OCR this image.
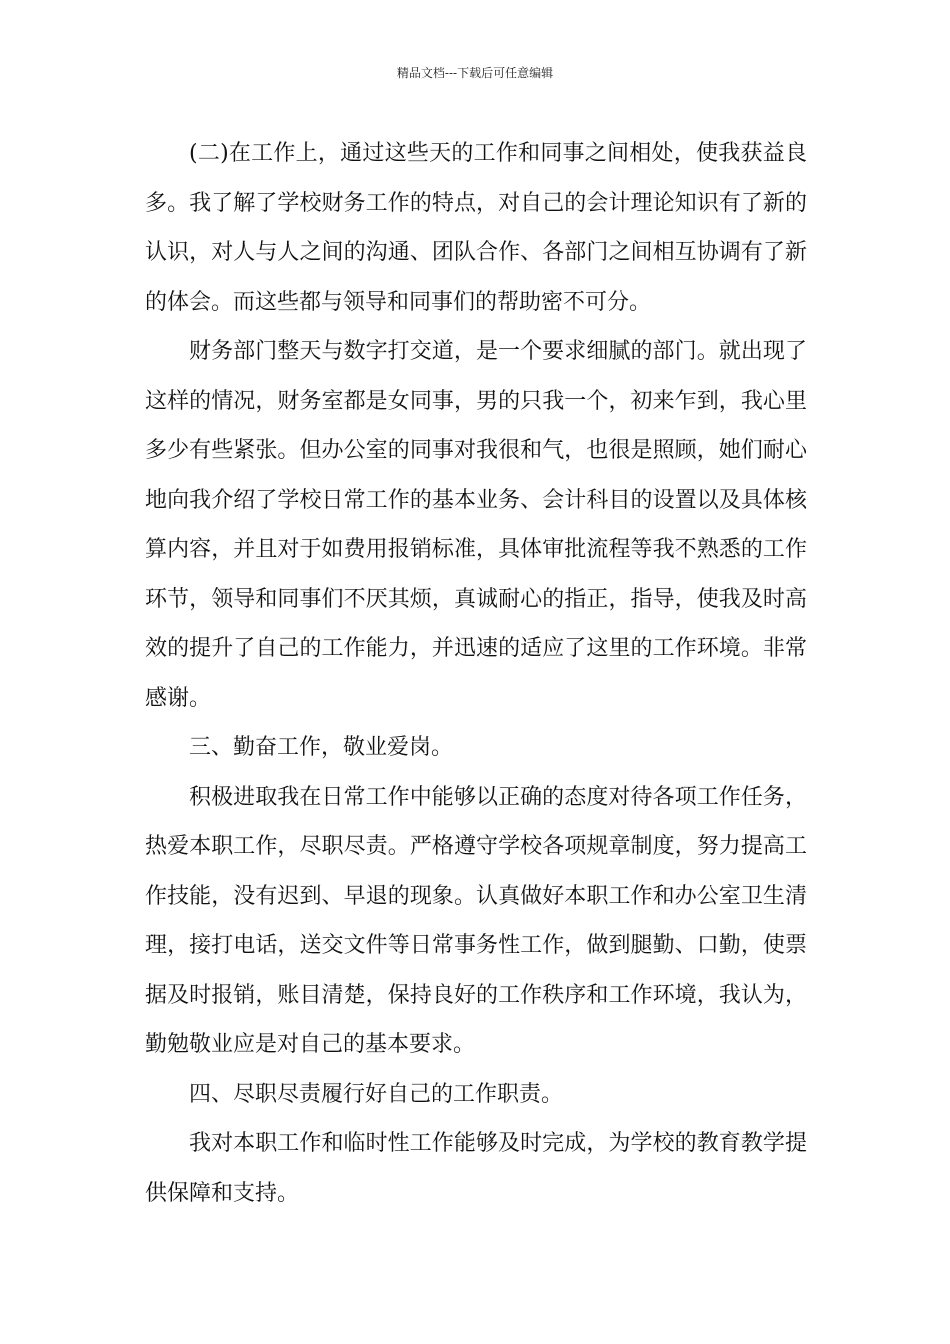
精品文档---下载后可任意编辑

(二)在工作上，通过这些天的工作和同事之间相处，使我获益良多。我了解了学校财务工作的特点，对自己的会计理论知识有了新的认识，对人与人之间的沟通、团队合作、各部门之间相互协调有了新的体会。而这些都与领导和同事们的帮助密不可分。

财务部门整天与数字打交道，是一个要求细腻的部门。就出现了这样的情况，财务室都是女同事，男的只我一个，初来乍到，我心里多少有些紧张。但办公室的同事对我很和气，也很是照顾，她们耐心地向我介绍了学校日常工作的基本业务、会计科目的设置以及具体核算内容，并且对于如费用报销标准，具体审批流程等我不熟悉的工作环节，领导和同事们不厌其烦，真诚耐心的指正，指导，使我及时高效的提升了自己的工作能力，并迅速的适应了这里的工作环境。非常感谢。

三、勤奋工作，敬业爱岗。

积极进取我在日常工作中能够以正确的态度对待各项工作任务，热爱本职工作，尽职尽责。严格遵守学校各项规章制度，努力提高工作技能，没有迟到、早退的现象。认真做好本职工作和办公室卫生清理，接打电话，送交文件等日常事务性工作，做到腿勤、口勤，使票据及时报销，账目清楚，保持良好的工作秩序和工作环境，我认为，勤勉敬业应是对自己的基本要求。

四、尽职尽责履行好自己的工作职责。

我对本职工作和临时性工作能够及时完成，为学校的教育教学提供保障和支持。
